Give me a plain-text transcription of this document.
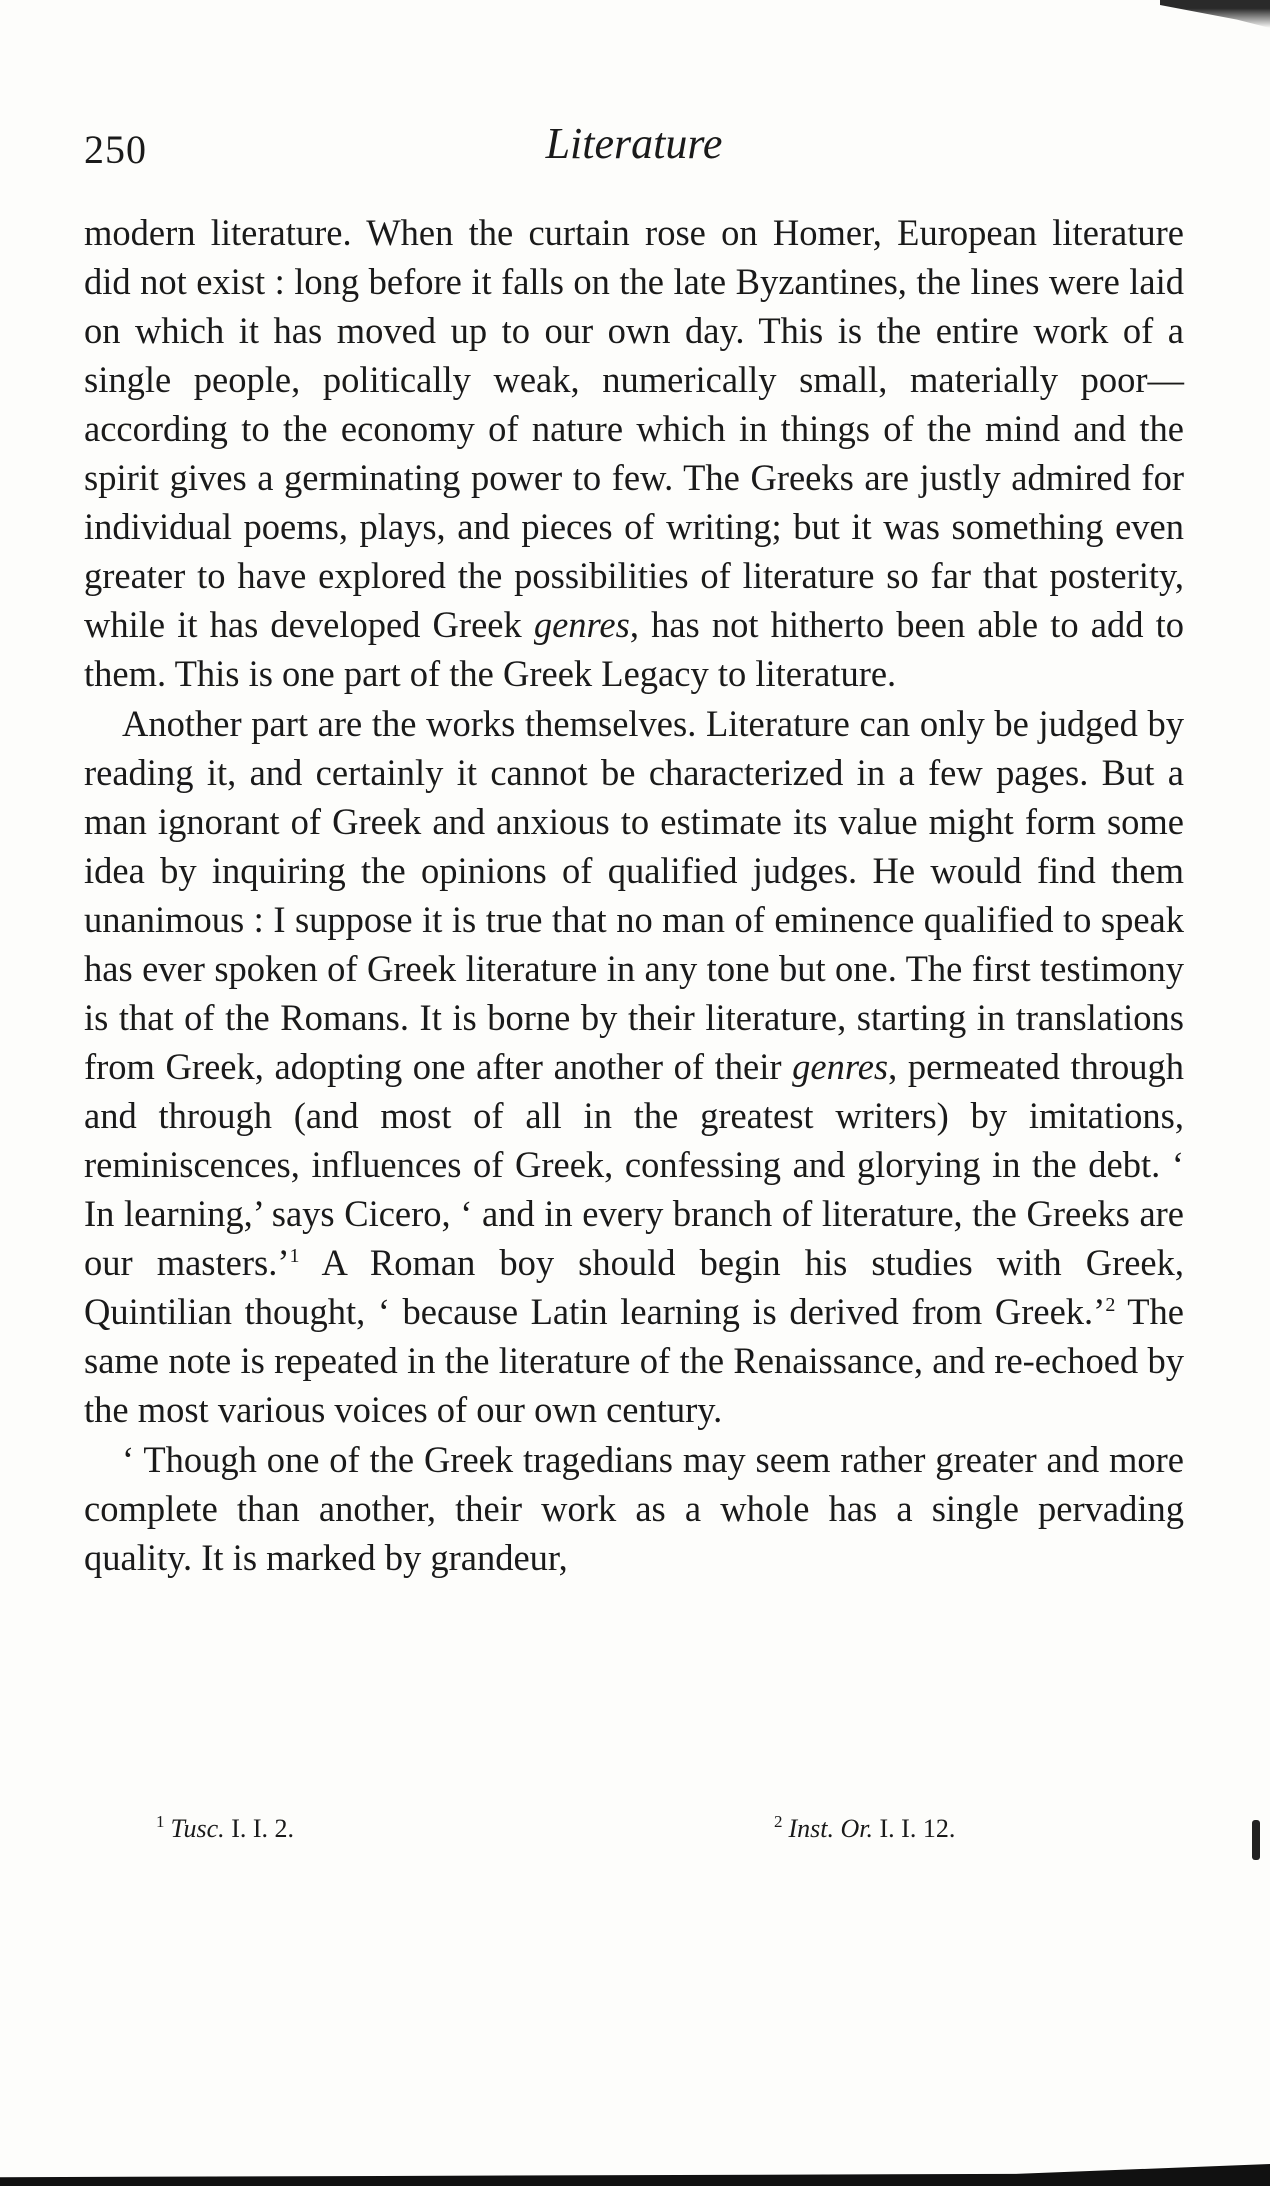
250	Literature

modern literature. When the curtain rose on Homer, European literature did not exist : long before it falls on the late Byzantines, the lines were laid on which it has moved up to our own day. This is the entire work of a single people, politically weak, numerically small, materially poor—according to the economy of nature which in things of the mind and the spirit gives a germinating power to few. The Greeks are justly admired for individual poems, plays, and pieces of writing; but it was something even greater to have explored the possibilities of literature so far that posterity, while it has developed Greek genres, has not hitherto been able to add to them. This is one part of the Greek Legacy to literature.

Another part are the works themselves. Literature can only be judged by reading it, and certainly it cannot be characterized in a few pages. But a man ignorant of Greek and anxious to estimate its value might form some idea by inquiring the opinions of qualified judges. He would find them unanimous : I suppose it is true that no man of eminence qualified to speak has ever spoken of Greek literature in any tone but one. The first testimony is that of the Romans. It is borne by their literature, starting in translations from Greek, adopting one after another of their genres, permeated through and through (and most of all in the greatest writers) by imitations, reminiscences, influences of Greek, confessing and glorying in the debt. ‘ In learning,’ says Cicero, ‘ and in every branch of literature, the Greeks are our masters.’$^1$ A Roman boy should begin his studies with Greek, Quintilian thought, ‘ because Latin learning is derived from Greek.’$^2$ The same note is repeated in the literature of the Renaissance, and re-echoed by the most various voices of our own century.

‘ Though one of the Greek tragedians may seem rather greater and more complete than another, their work as a whole has a single pervading quality. It is marked by grandeur,

$^1$ Tusc. I. I. 2.	$^2$ Inst. Or. I. I. 12.
